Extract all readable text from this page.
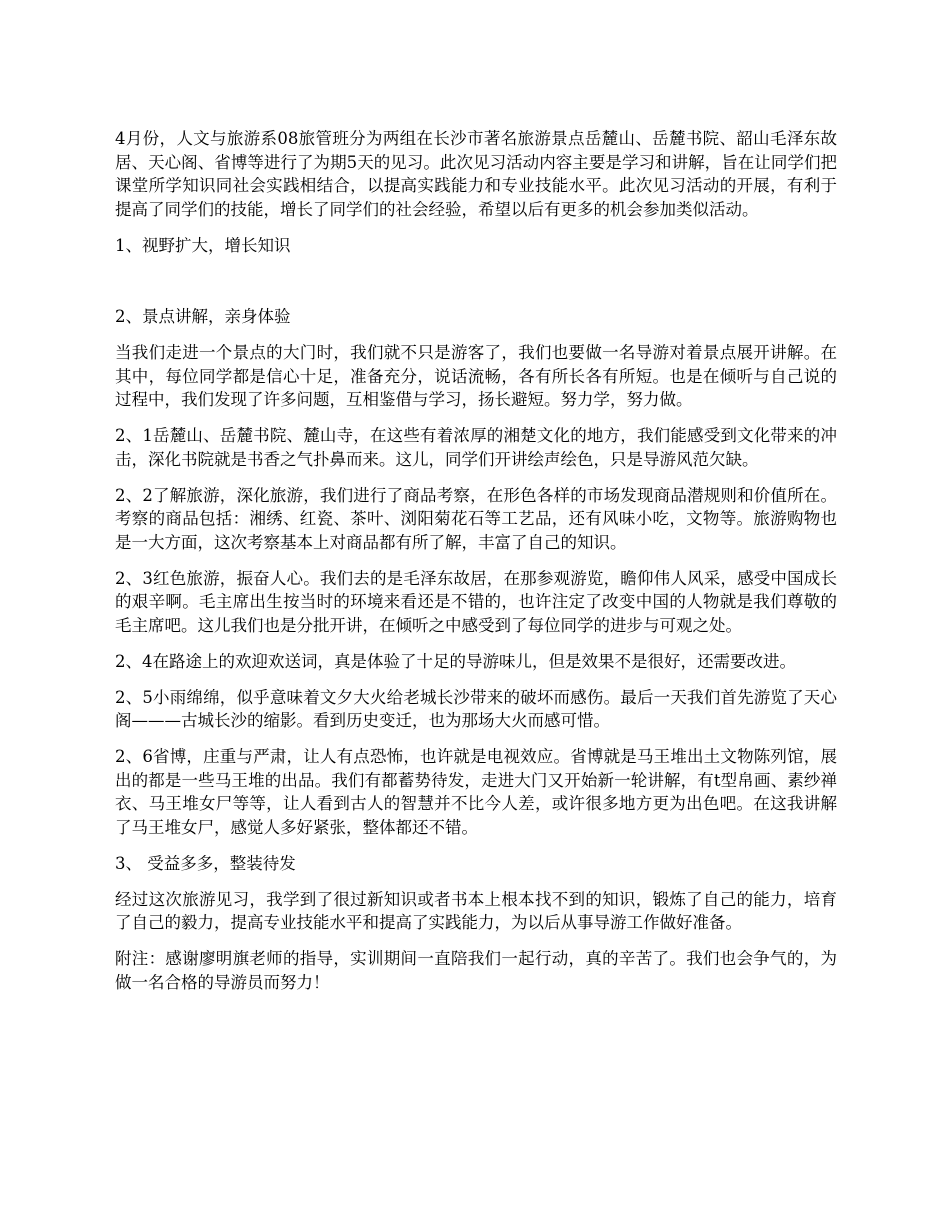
4月份，人文与旅游系08旅管班分为两组在长沙市著名旅游景点岳麓山、岳麓书院、韶山毛泽东故居、天心阁、省博等进行了为期5天的见习。此次见习活动内容主要是学习和讲解，旨在让同学们把课堂所学知识同社会实践相结合，以提高实践能力和专业技能水平。此次见习活动的开展，有利于提高了同学们的技能，增长了同学们的社会经验，希望以后有更多的机会参加类似活动。

1、视野扩大，增长知识

2、景点讲解，亲身体验

当我们走进一个景点的大门时，我们就不只是游客了，我们也要做一名导游对着景点展开讲解。在其中，每位同学都是信心十足，准备充分，说话流畅，各有所长各有所短。也是在倾听与自己说的过程中，我们发现了许多问题，互相鉴借与学习，扬长避短。努力学，努力做。

2、1岳麓山、岳麓书院、麓山寺，在这些有着浓厚的湘楚文化的地方，我们能感受到文化带来的冲击，深化书院就是书香之气扑鼻而来。这儿，同学们开讲绘声绘色，只是导游风范欠缺。

2、2了解旅游，深化旅游，我们进行了商品考察，在形色各样的市场发现商品潜规则和价值所在。考察的商品包括：湘绣、红瓷、茶叶、浏阳菊花石等工艺品，还有风味小吃，文物等。旅游购物也是一大方面，这次考察基本上对商品都有所了解，丰富了自己的知识。

2、3红色旅游，振奋人心。我们去的是毛泽东故居，在那参观游览，瞻仰伟人风采，感受中国成长的艰辛啊。毛主席出生按当时的环境来看还是不错的，也许注定了改变中国的人物就是我们尊敬的毛主席吧。这儿我们也是分批开讲，在倾听之中感受到了每位同学的进步与可观之处。

2、4在路途上的欢迎欢送词，真是体验了十足的导游味儿，但是效果不是很好，还需要改进。

2、5小雨绵绵，似乎意味着文夕大火给老城长沙带来的破坏而感伤。最后一天我们首先游览了天心阁———古城长沙的缩影。看到历史变迁，也为那场大火而感可惜。

2、6省博，庄重与严肃，让人有点恐怖，也许就是电视效应。省博就是马王堆出土文物陈列馆，展出的都是一些马王堆的出品。我们有都蓄势待发，走进大门又开始新一轮讲解，有t型帛画、素纱禅衣、马王堆女尸等等，让人看到古人的智慧并不比今人差，或许很多地方更为出色吧。在这我讲解了马王堆女尸，感觉人多好紧张，整体都还不错。

3、 受益多多，整装待发

经过这次旅游见习，我学到了很过新知识或者书本上根本找不到的知识，锻炼了自己的能力，培育了自己的毅力，提高专业技能水平和提高了实践能力，为以后从事导游工作做好准备。

附注：感谢廖明旗老师的指导，实训期间一直陪我们一起行动，真的辛苦了。我们也会争气的，为做一名合格的导游员而努力！
